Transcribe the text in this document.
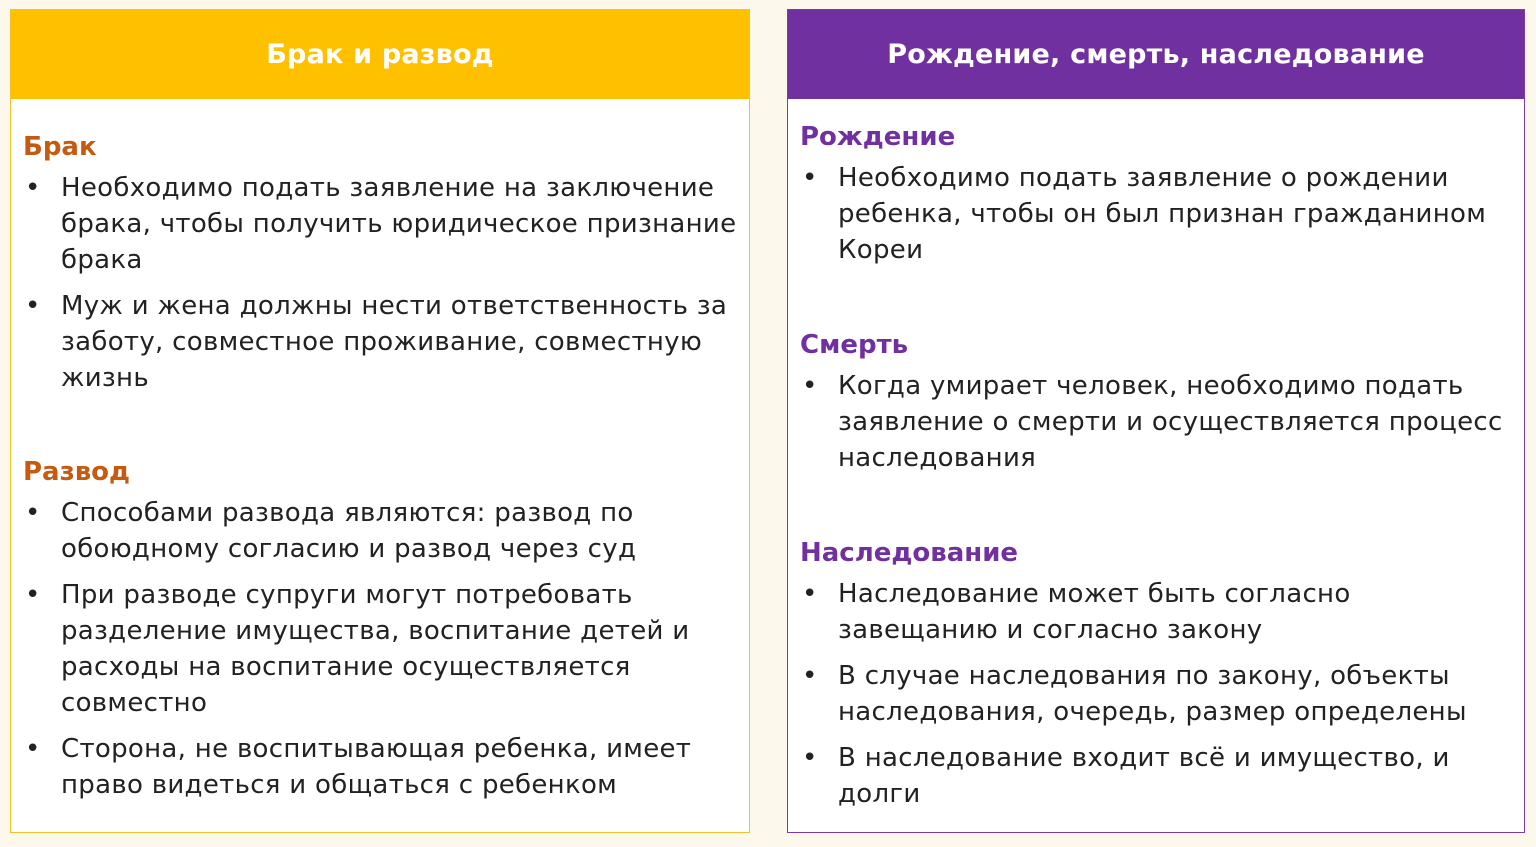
Брак и развод
Брак
• Необходимо подать заявление на заключение брака, чтобы получить юридическое признание брака
• Муж и жена должны нести ответственность за заботу, совместное проживание, совместную жизнь
Развод
• Способами развода являются: развод по обоюдному согласию и развод через суд
• При разводе супруги могут потребовать разделение имущества, воспитание детей и расходы на воспитание осуществляется совместно
• Сторона, не воспитывающая ребенка, имеет право видеться и общаться с ребенком
Рождение, смерть, наследование
Рождение
• Необходимо подать заявление о рождении ребенка, чтобы он был признан гражданином Кореи
Смерть
• Когда умирает человек, необходимо подать заявление о смерти и осуществляется процесс наследования
Наследование
• Наследование может быть согласно завещанию и согласно закону
• В случае наследования по закону, объекты наследования, очередь, размер определены
• В наследование входит всё и имущество, и долги
